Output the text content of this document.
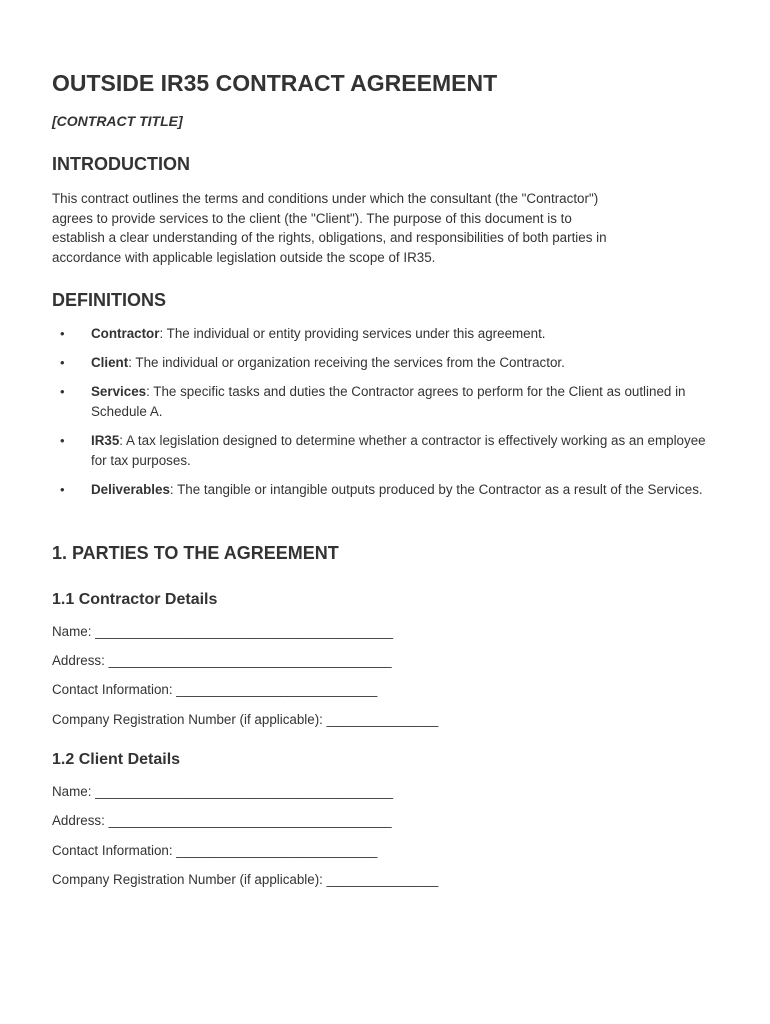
OUTSIDE IR35 CONTRACT AGREEMENT
[CONTRACT TITLE]
INTRODUCTION
This contract outlines the terms and conditions under which the consultant (the "Contractor")
agrees to provide services to the client (the "Client"). The purpose of this document is to
establish a clear understanding of the rights, obligations, and responsibilities of both parties in
accordance with applicable legislation outside the scope of IR35.
DEFINITIONS
• Contractor: The individual or entity providing services under this agreement.
• Client: The individual or organization receiving the services from the Contractor.
• Services: The specific tasks and duties the Contractor agrees to perform for the Client as outlined in Schedule A.
• IR35: A tax legislation designed to determine whether a contractor is effectively working as an employee for tax purposes.
• Deliverables: The tangible or intangible outputs produced by the Contractor as a result of the Services.
1. PARTIES TO THE AGREEMENT
1.1 Contractor Details
Name: ________________________________________
Address: ______________________________________
Contact Information: ___________________________
Company Registration Number (if applicable): _______________
1.2 Client Details
Name: ________________________________________
Address: ______________________________________
Contact Information: ___________________________
Company Registration Number (if applicable): _______________
